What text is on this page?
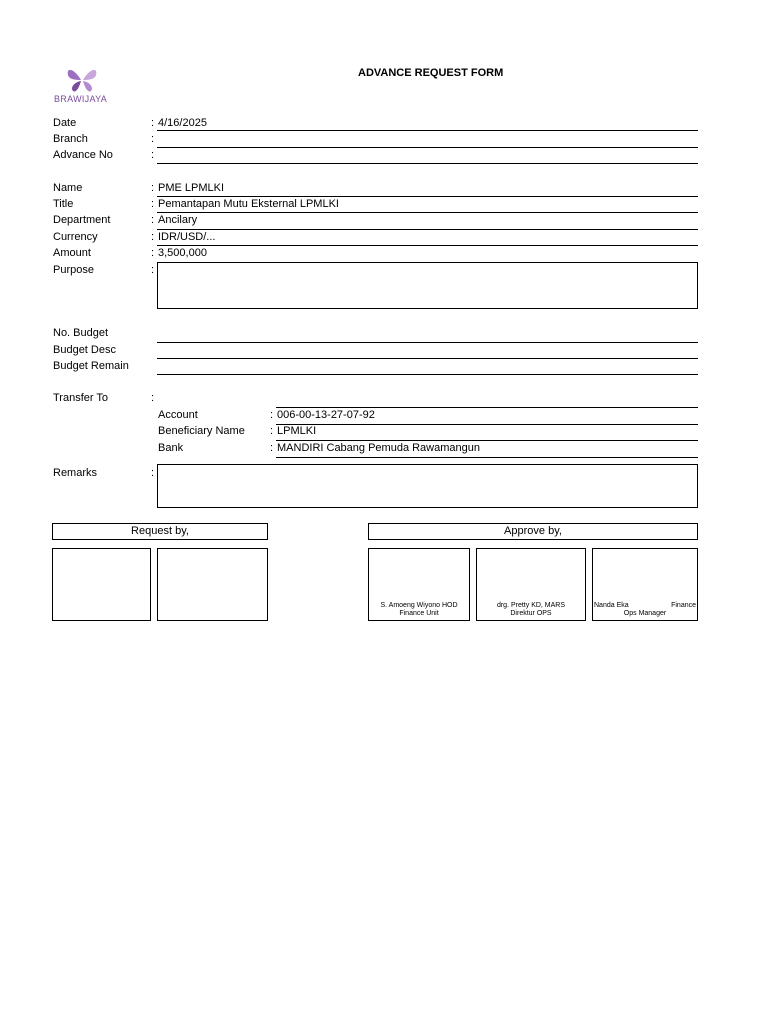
BRAWIJAYA
ADVANCE REQUEST FORM
Date	: 4/16/2025
Branch	:
Advance No	:
Name	: PME LPMLKI
Title	: Pemantapan Mutu Eksternal LPMLKI
Department	: Ancilary
Currency	: IDR/USD/...
Amount	: 3,500,000
Purpose	:
No. Budget
Budget Desc
Budget Remain
Transfer To	:
Account	: 006-00-13-27-07-92
Beneficiary Name : LPMLKI
Bank	: MANDIRI Cabang Pemuda Rawamangun
Remarks	:
Request by,	Approve by,
S. Amoeng Wiyono HOD
Finance Unit
drg. Pretty KD, MARS
Direktur OPS
Nanda Eka	Finance
Ops Manager
